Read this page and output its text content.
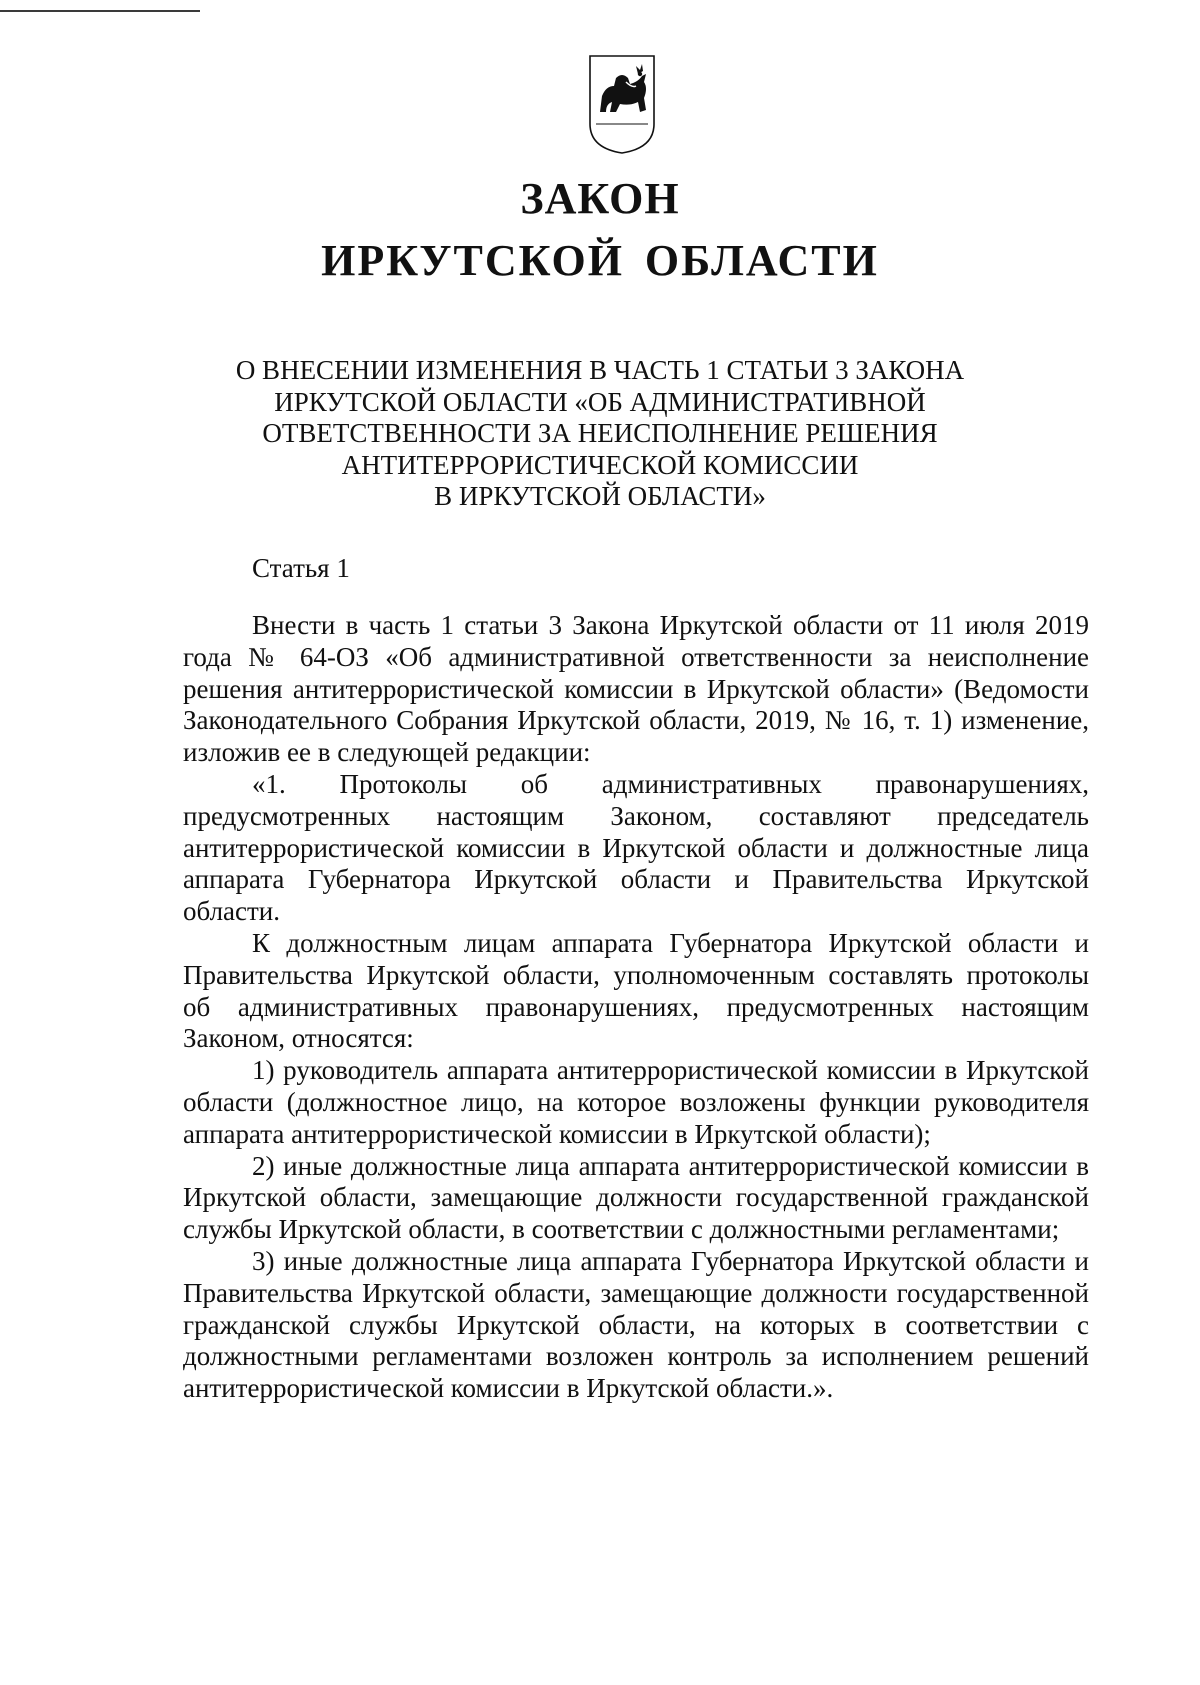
ЗАКОН
ИРКУТСКОЙ ОБЛАСТИ
О ВНЕСЕНИИ ИЗМЕНЕНИЯ В ЧАСТЬ 1 СТАТЬИ 3 ЗАКОНА
ИРКУТСКОЙ ОБЛАСТИ «ОБ АДМИНИСТРАТИВНОЙ
ОТВЕТСТВЕННОСТИ ЗА НЕИСПОЛНЕНИЕ РЕШЕНИЯ
АНТИТЕРРОРИСТИЧЕСКОЙ КОМИССИИ
В ИРКУТСКОЙ ОБЛАСТИ»
Статья 1

Внести в часть 1 статьи 3 Закона Иркутской области от 11 июля 2019 года № 64-ОЗ «Об административной ответственности за неисполнение решения антитеррористической комиссии в Иркутской области» (Ведомости Законодательного Собрания Иркутской области, 2019, № 16, т. 1) изменение, изложив ее в следующей редакции:

«1. Протоколы об административных правонарушениях, предусмотренных настоящим Законом, составляют председатель антитеррористической комиссии в Иркутской области и должностные лица аппарата Губернатора Иркутской области и Правительства Иркутской области.

К должностным лицам аппарата Губернатора Иркутской области и Правительства Иркутской области, уполномоченным составлять протоколы об административных правонарушениях, предусмотренных настоящим Законом, относятся:

1) руководитель аппарата антитеррористической комиссии в Иркутской области (должностное лицо, на которое возложены функции руководителя аппарата антитеррористической комиссии в Иркутской области);

2) иные должностные лица аппарата антитеррористической комиссии в Иркутской области, замещающие должности государственной гражданской службы Иркутской области, в соответствии с должностными регламентами;

3) иные должностные лица аппарата Губернатора Иркутской области и Правительства Иркутской области, замещающие должности государственной гражданской службы Иркутской области, на которых в соответствии с должностными регламентами возложен контроль за исполнением решений антитеррористической комиссии в Иркутской области.».
